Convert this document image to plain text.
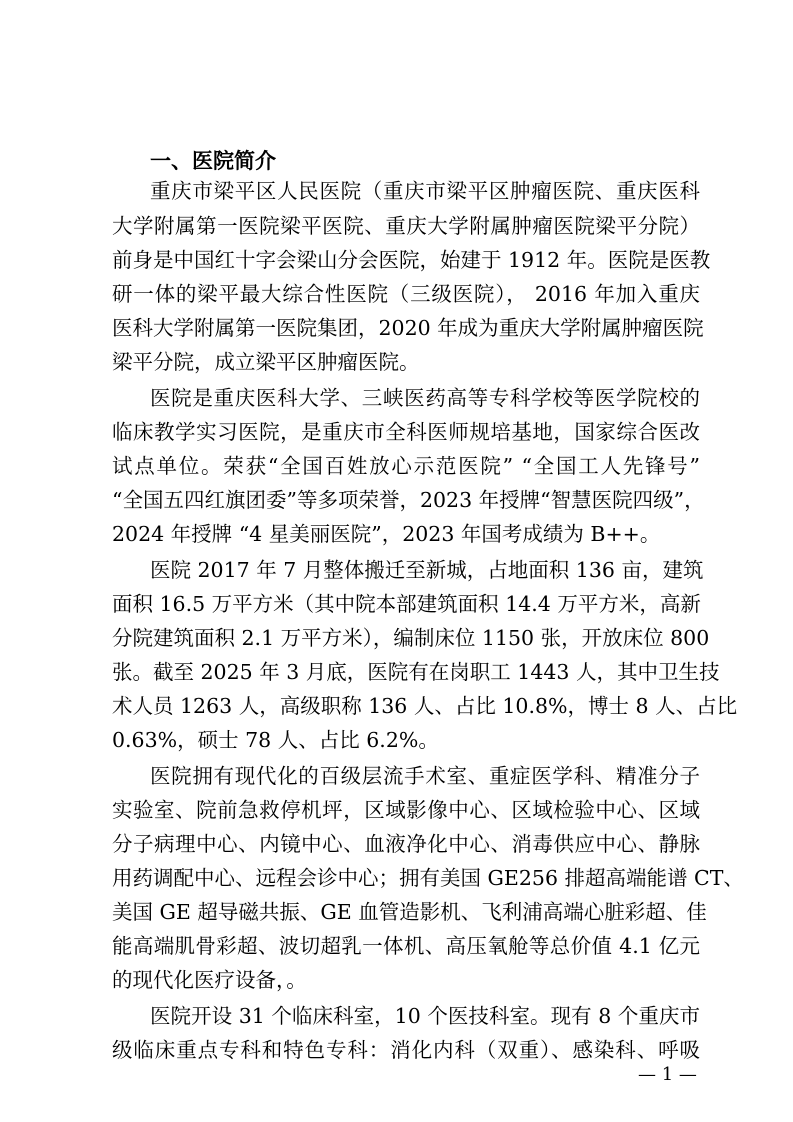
一、医院简介
重庆市梁平区人民医院（重庆市梁平区肿瘤医院、重庆医科
大学附属第一医院梁平医院、重庆大学附属肿瘤医院梁平分院）
前身是中国红十字会梁山分会医院，始建于 1912 年。医院是医教
研一体的梁平最大综合性医院（三级医院）， 2016 年加入重庆
医科大学附属第一医院集团，2020 年成为重庆大学附属肿瘤医院
梁平分院，成立梁平区肿瘤医院。
医院是重庆医科大学、三峡医药高等专科学校等医学院校的
临床教学实习医院，是重庆市全科医师规培基地，国家综合医改
试点单位。荣获“全国百姓放心示范医院” “全国工人先锋号”
“全国五四红旗团委”等多项荣誉，2023 年授牌“智慧医院四级”，
2024 年授牌 “4 星美丽医院”，2023 年国考成绩为 B++。
医院 2017 年 7 月整体搬迁至新城，占地面积 136 亩，建筑
面积 16.5 万平方米（其中院本部建筑面积 14.4 万平方米，高新
分院建筑面积 2.1 万平方米），编制床位 1150 张，开放床位 800
张。截至 2025 年 3 月底，医院有在岗职工 1443 人，其中卫生技
术人员 1263 人，高级职称 136 人、占比 10.8%，博士 8 人、占比
0.63%，硕士 78 人、占比 6.2%。
医院拥有现代化的百级层流手术室、重症医学科、精准分子
实验室、院前急救停机坪，区域影像中心、区域检验中心、区域
分子病理中心、内镜中心、血液净化中心、消毒供应中心、静脉
用药调配中心、远程会诊中心；拥有美国 GE256 排超高端能谱 CT、
美国 GE 超导磁共振、GE 血管造影机、飞利浦高端心脏彩超、佳
能高端肌骨彩超、波切超乳一体机、高压氧舱等总价值 4.1 亿元
的现代化医疗设备，。
医院开设 31 个临床科室，10 个医技科室。现有 8 个重庆市
级临床重点专科和特色专科：消化内科（双重）、感染科、呼吸
— 1 —
